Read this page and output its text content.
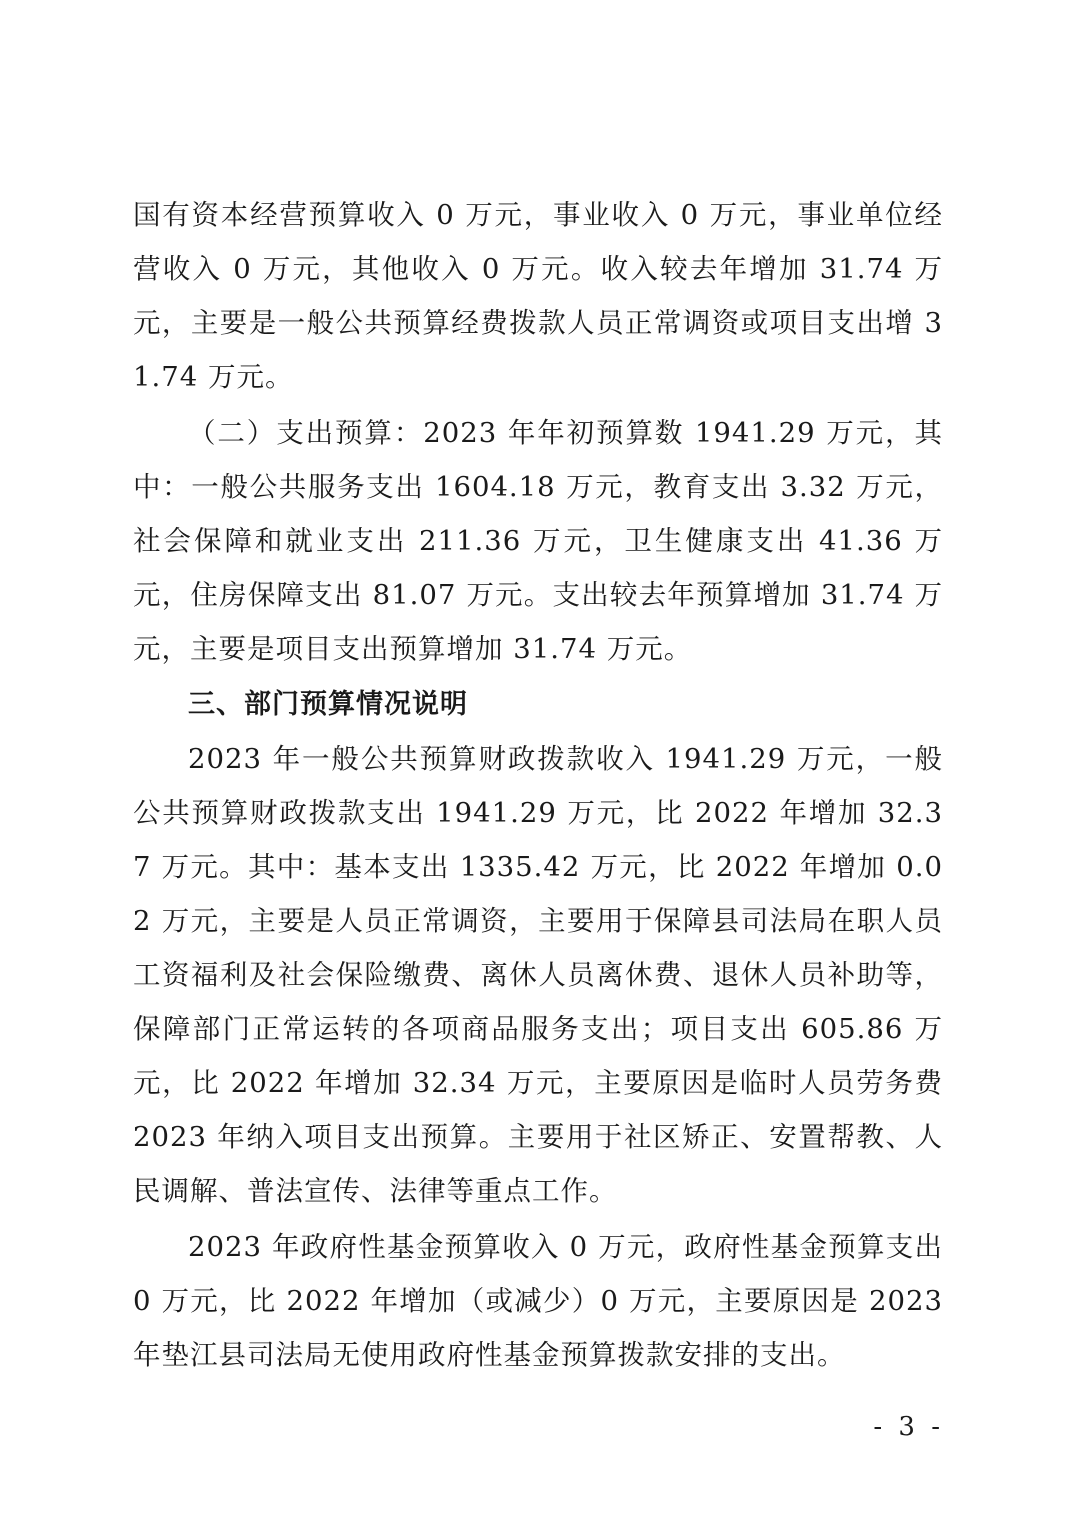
国有资本经营预算收入 0 万元，事业收入 0 万元，事业单位经营收入 0 万元，其他收入 0 万元。收入较去年增加 31.74 万元，主要是一般公共预算经费拨款人员正常调资或项目支出增 31.74 万元。

（二）支出预算：2023 年年初预算数 1941.29 万元，其中：一般公共服务支出 1604.18 万元，教育支出 3.32 万元，社会保障和就业支出 211.36 万元，卫生健康支出 41.36 万元，住房保障支出 81.07 万元。支出较去年预算增加 31.74 万元，主要是项目支出预算增加 31.74 万元。

三、部门预算情况说明

2023 年一般公共预算财政拨款收入 1941.29 万元，一般公共预算财政拨款支出 1941.29 万元，比 2022 年增加 32.37 万元。其中：基本支出 1335.42 万元，比 2022 年增加 0.02 万元，主要是人员正常调资，主要用于保障县司法局在职人员工资福利及社会保险缴费、离休人员离休费、退休人员补助等，保障部门正常运转的各项商品服务支出；项目支出 605.86 万元，比 2022 年增加 32.34 万元，主要原因是临时人员劳务费 2023 年纳入项目支出预算。主要用于社区矫正、安置帮教、人民调解、普法宣传、法律等重点工作。

2023 年政府性基金预算收入 0 万元，政府性基金预算支出 0 万元，比 2022 年增加（或减少）0 万元，主要原因是 2023 年垫江县司法局无使用政府性基金预算拨款安排的支出。

- 3 -
